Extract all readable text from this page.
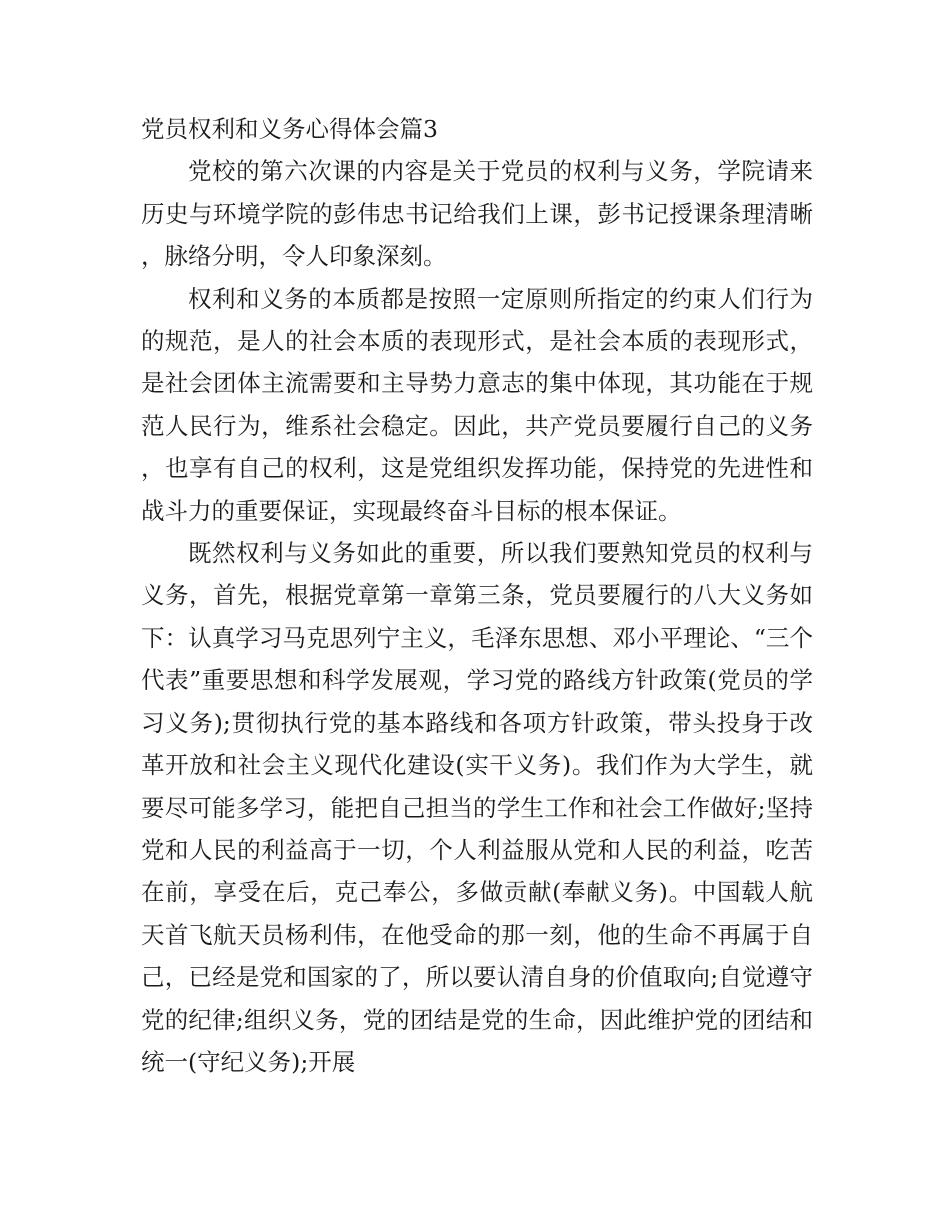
党员权利和义务心得体会篇3

党校的第六次课的内容是关于党员的权利与义务，学院请来历史与环境学院的彭伟忠书记给我们上课，彭书记授课条理清晰，脉络分明，令人印象深刻。

权利和义务的本质都是按照一定原则所指定的约束人们行为的规范，是人的社会本质的表现形式，是社会本质的表现形式，是社会团体主流需要和主导势力意志的集中体现，其功能在于规范人民行为，维系社会稳定。因此，共产党员要履行自己的义务，也享有自己的权利，这是党组织发挥功能，保持党的先进性和战斗力的重要保证，实现最终奋斗目标的根本保证。

既然权利与义务如此的重要，所以我们要熟知党员的权利与义务，首先，根据党章第一章第三条，党员要履行的八大义务如下：认真学习马克思列宁主义，毛泽东思想、邓小平理论、“三个代表”重要思想和科学发展观，学习党的路线方针政策(党员的学习义务);贯彻执行党的基本路线和各项方针政策，带头投身于改革开放和社会主义现代化建设(实干义务)。我们作为大学生，就要尽可能多学习，能把自己担当的学生工作和社会工作做好;坚持党和人民的利益高于一切，个人利益服从党和人民的利益，吃苦在前，享受在后，克己奉公，多做贡献(奉献义务)。中国载人航天首飞航天员杨利伟，在他受命的那一刻，他的生命不再属于自己，已经是党和国家的了，所以要认清自身的价值取向;自觉遵守党的纪律;组织义务，党的团结是党的生命，因此维护党的团结和统一(守纪义务);开展
